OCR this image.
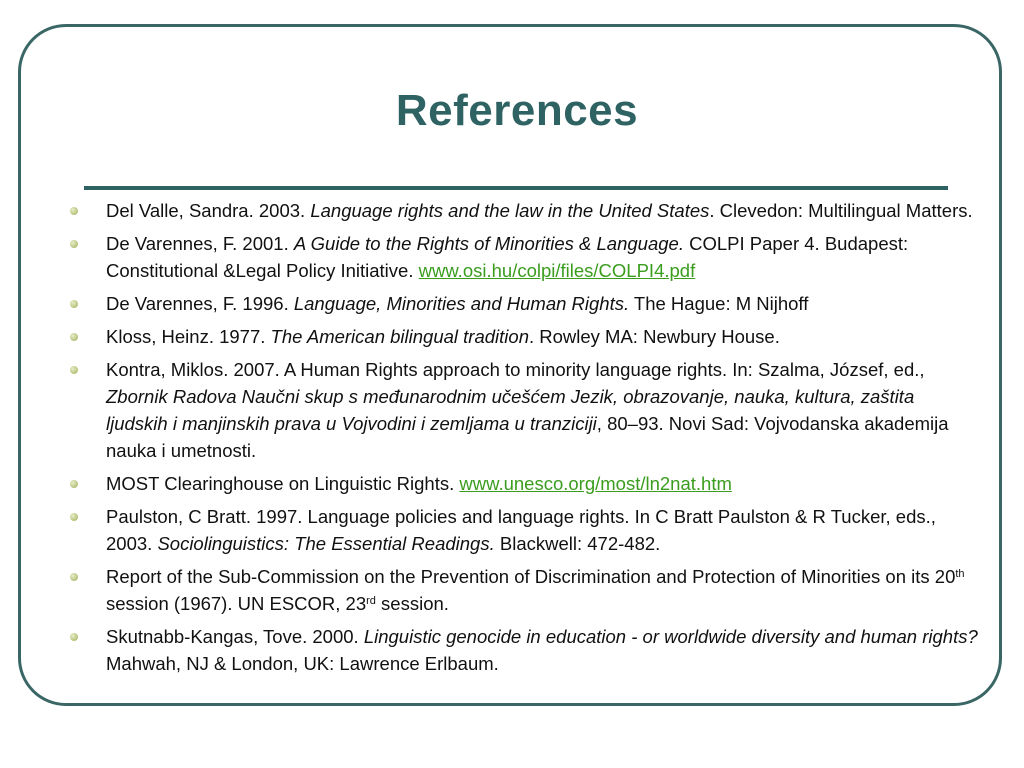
References
Del Valle, Sandra. 2003. Language rights and the law in the United States. Clevedon: Multilingual Matters.
De Varennes, F. 2001. A Guide to the Rights of Minorities & Language. COLPI Paper 4. Budapest: Constitutional &Legal Policy Initiative. www.osi.hu/colpi/files/COLPI4.pdf
De Varennes, F. 1996. Language, Minorities and Human Rights. The Hague: M Nijhoff
Kloss, Heinz. 1977. The American bilingual tradition. Rowley MA: Newbury House.
Kontra, Miklos. 2007. A Human Rights approach to minority language rights. In: Szalma, József, ed., Zbornik Radova Naučni skup s međunarodnim učešćem Jezik, obrazovanje, nauka, kultura, zaštita ljudskih i manjinskih prava u Vojvodini i zemljama u tranziciji, 80–93. Novi Sad: Vojvodanska akademija nauka i umetnosti.
MOST Clearinghouse on Linguistic Rights. www.unesco.org/most/ln2nat.htm
Paulston, C Bratt. 1997. Language policies and language rights. In C Bratt Paulston & R Tucker, eds., 2003. Sociolinguistics: The Essential Readings. Blackwell: 472-482.
Report of the Sub-Commission on the Prevention of Discrimination and Protection of Minorities on its 20th session (1967). UN ESCOR, 23rd session.
Skutnabb-Kangas, Tove. 2000. Linguistic genocide in education - or worldwide diversity and human rights? Mahwah, NJ & London, UK: Lawrence Erlbaum.
